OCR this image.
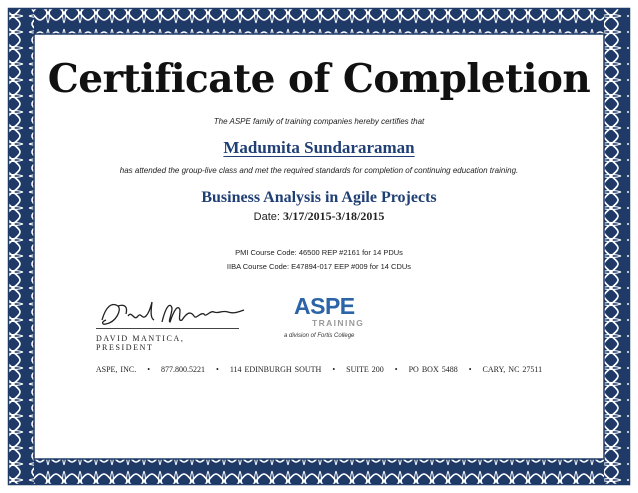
Certificate of Completion
The ASPE family of training companies hereby certifies that
Madumita Sundararaman
has attended the group-live class and met the required standards for completion of continuing education training.
Business Analysis in Agile Projects
Date: 3/17/2015-3/18/2015
PMI Course Code: 46500 REP #2161 for 14 PDUs
IIBA Course Code: E47894-017 EEP #009 for 14 CDUs
DAVID MANTICA, PRESIDENT
ASPE
TRAINING
a division of Fortis College
ASPE, INC. • 877.800.5221 • 114 EDINBURGH SOUTH • SUITE 200 • PO BOX 5488 • CARY, NC 27511
